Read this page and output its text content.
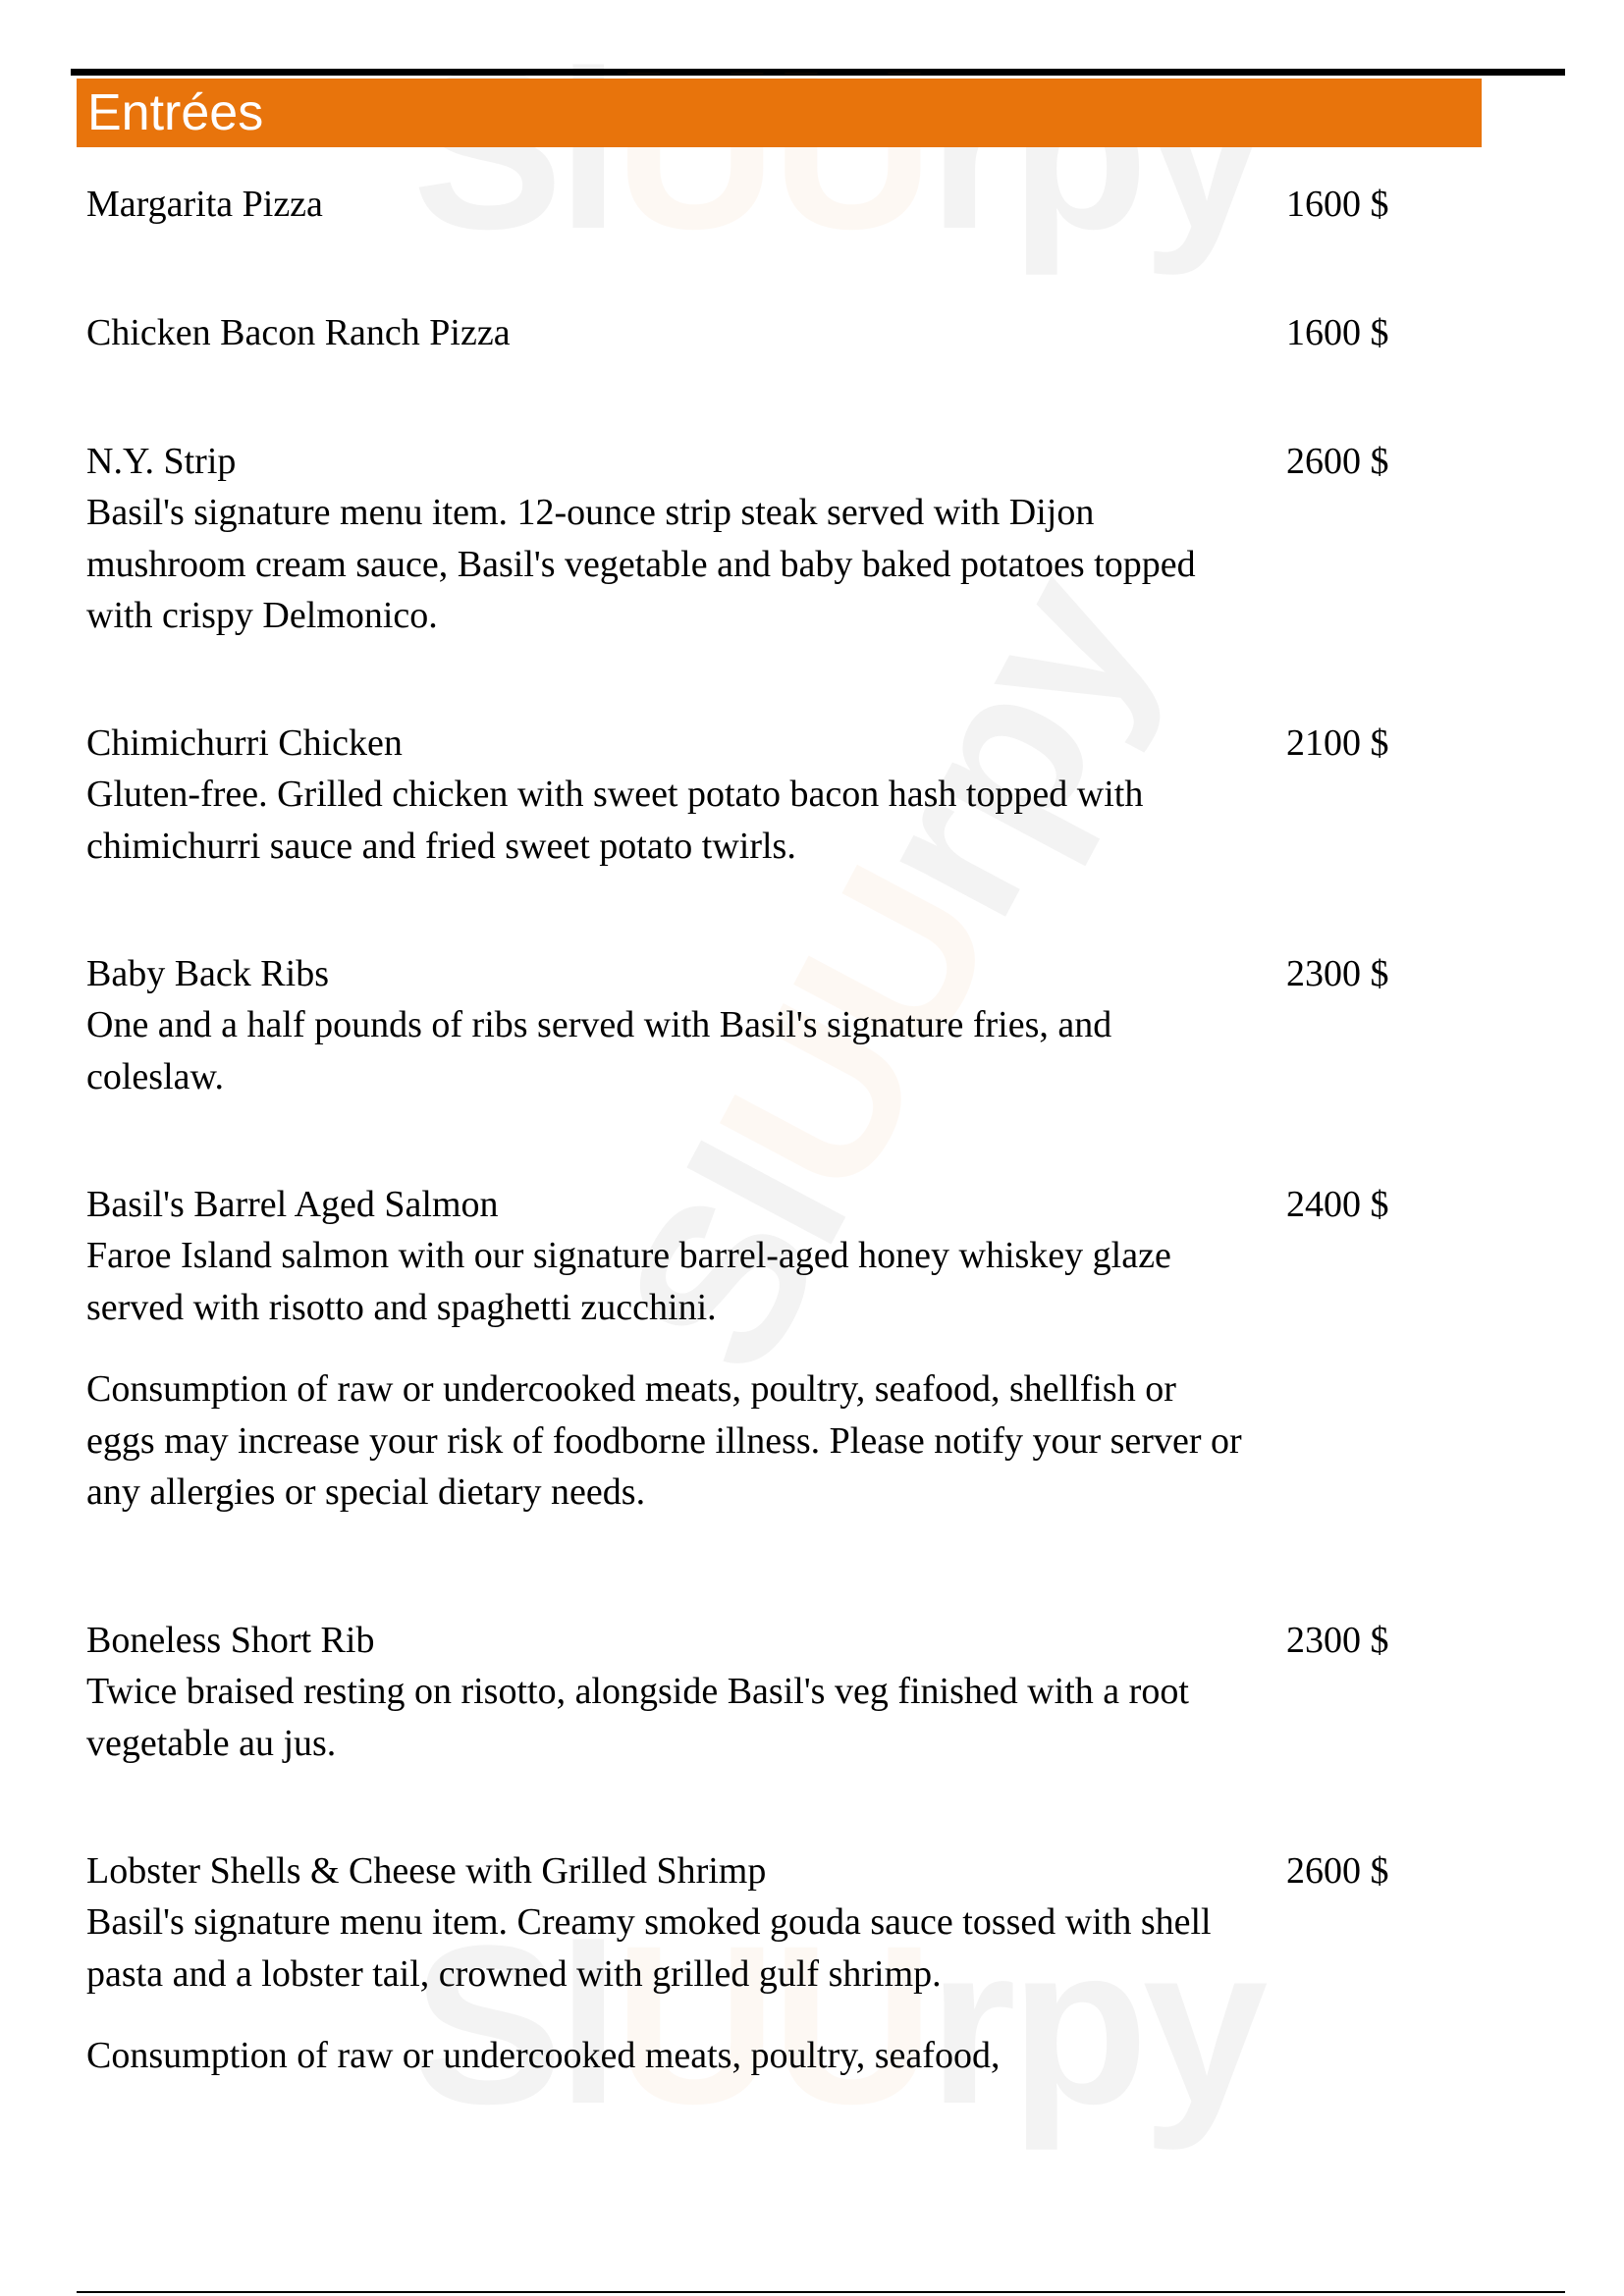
Entrées
Margarita Pizza	1600 $
Chicken Bacon Ranch Pizza	1600 $
N.Y. Strip	2600 $

Basil's signature menu item. 12-ounce strip steak served with Dijon mushroom cream sauce, Basil's vegetable and baby baked potatoes topped with crispy Delmonico.

Chimichurri Chicken	2100 $

Gluten-free. Grilled chicken with sweet potato bacon hash topped with chimichurri sauce and fried sweet potato twirls.

Baby Back Ribs	2300 $

One and a half pounds of ribs served with Basil's signature fries, and coleslaw.

Basil's Barrel Aged Salmon	2400 $

Faroe Island salmon with our signature barrel-aged honey whiskey glaze served with risotto and spaghetti zucchini.

Consumption of raw or undercooked meats, poultry, seafood, shellfish or eggs may increase your risk of foodborne illness. Please notify your server or any allergies or special dietary needs.

Boneless Short Rib	2300 $

Twice braised resting on risotto, alongside Basil's veg finished with a root vegetable au jus.

Lobster Shells & Cheese with Grilled Shrimp	2600 $

Basil's signature menu item. Creamy smoked gouda sauce tossed with shell pasta and a lobster tail, crowned with grilled gulf shrimp.

Consumption of raw or undercooked meats, poultry, seafood,
